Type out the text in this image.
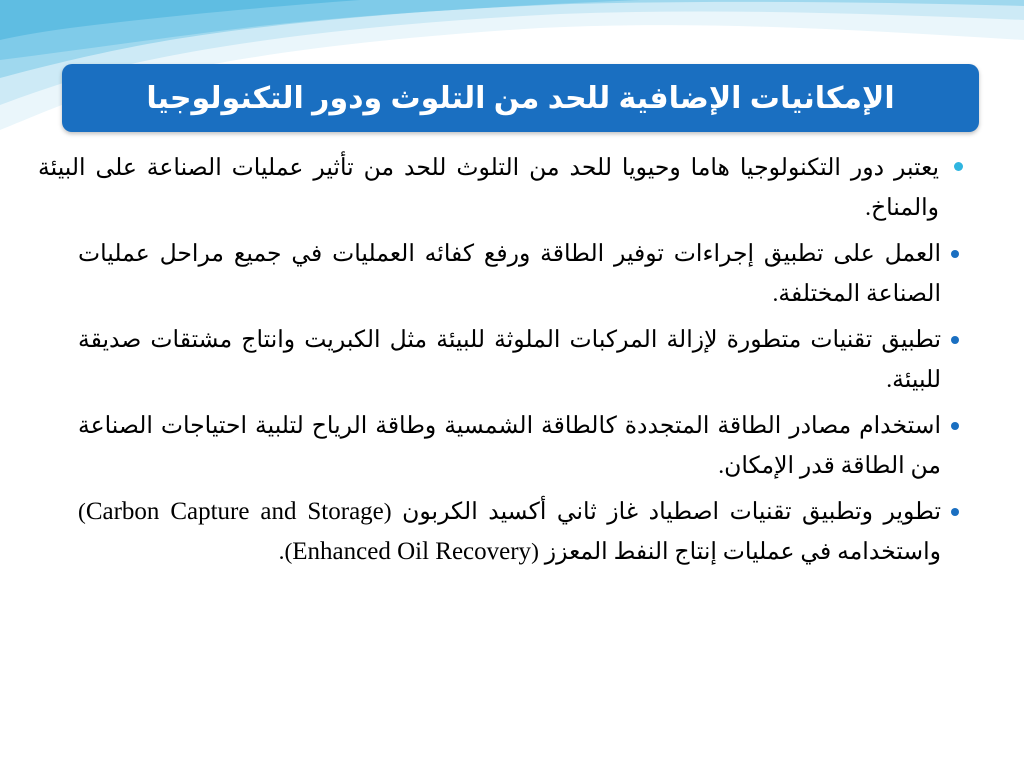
الإمكانيات الإضافية للحد من التلوث ودور التكنولوجيا
يعتبر دور التكنولوجيا هاما وحيويا للحد من التلوث للحد من تأثير عمليات الصناعة على البيئة والمناخ.
العمل على تطبيق إجراءات توفير الطاقة ورفع كفائه العمليات في جميع مراحل عمليات الصناعة المختلفة.
تطبيق تقنيات متطورة لإزالة المركبات الملوثة للبيئة مثل الكبريت وانتاج مشتقات صديقة للبيئة.
استخدام مصادر الطاقة المتجددة كالطاقة الشمسية وطاقة الرياح لتلبية احتياجات الصناعة من الطاقة قدر الإمكان.
تطوير وتطبيق تقنيات اصطياد غاز ثاني أكسيد الكربون (Carbon Capture and Storage) واستخدامه في عمليات إنتاج النفط المعزز (Enhanced Oil Recovery).
